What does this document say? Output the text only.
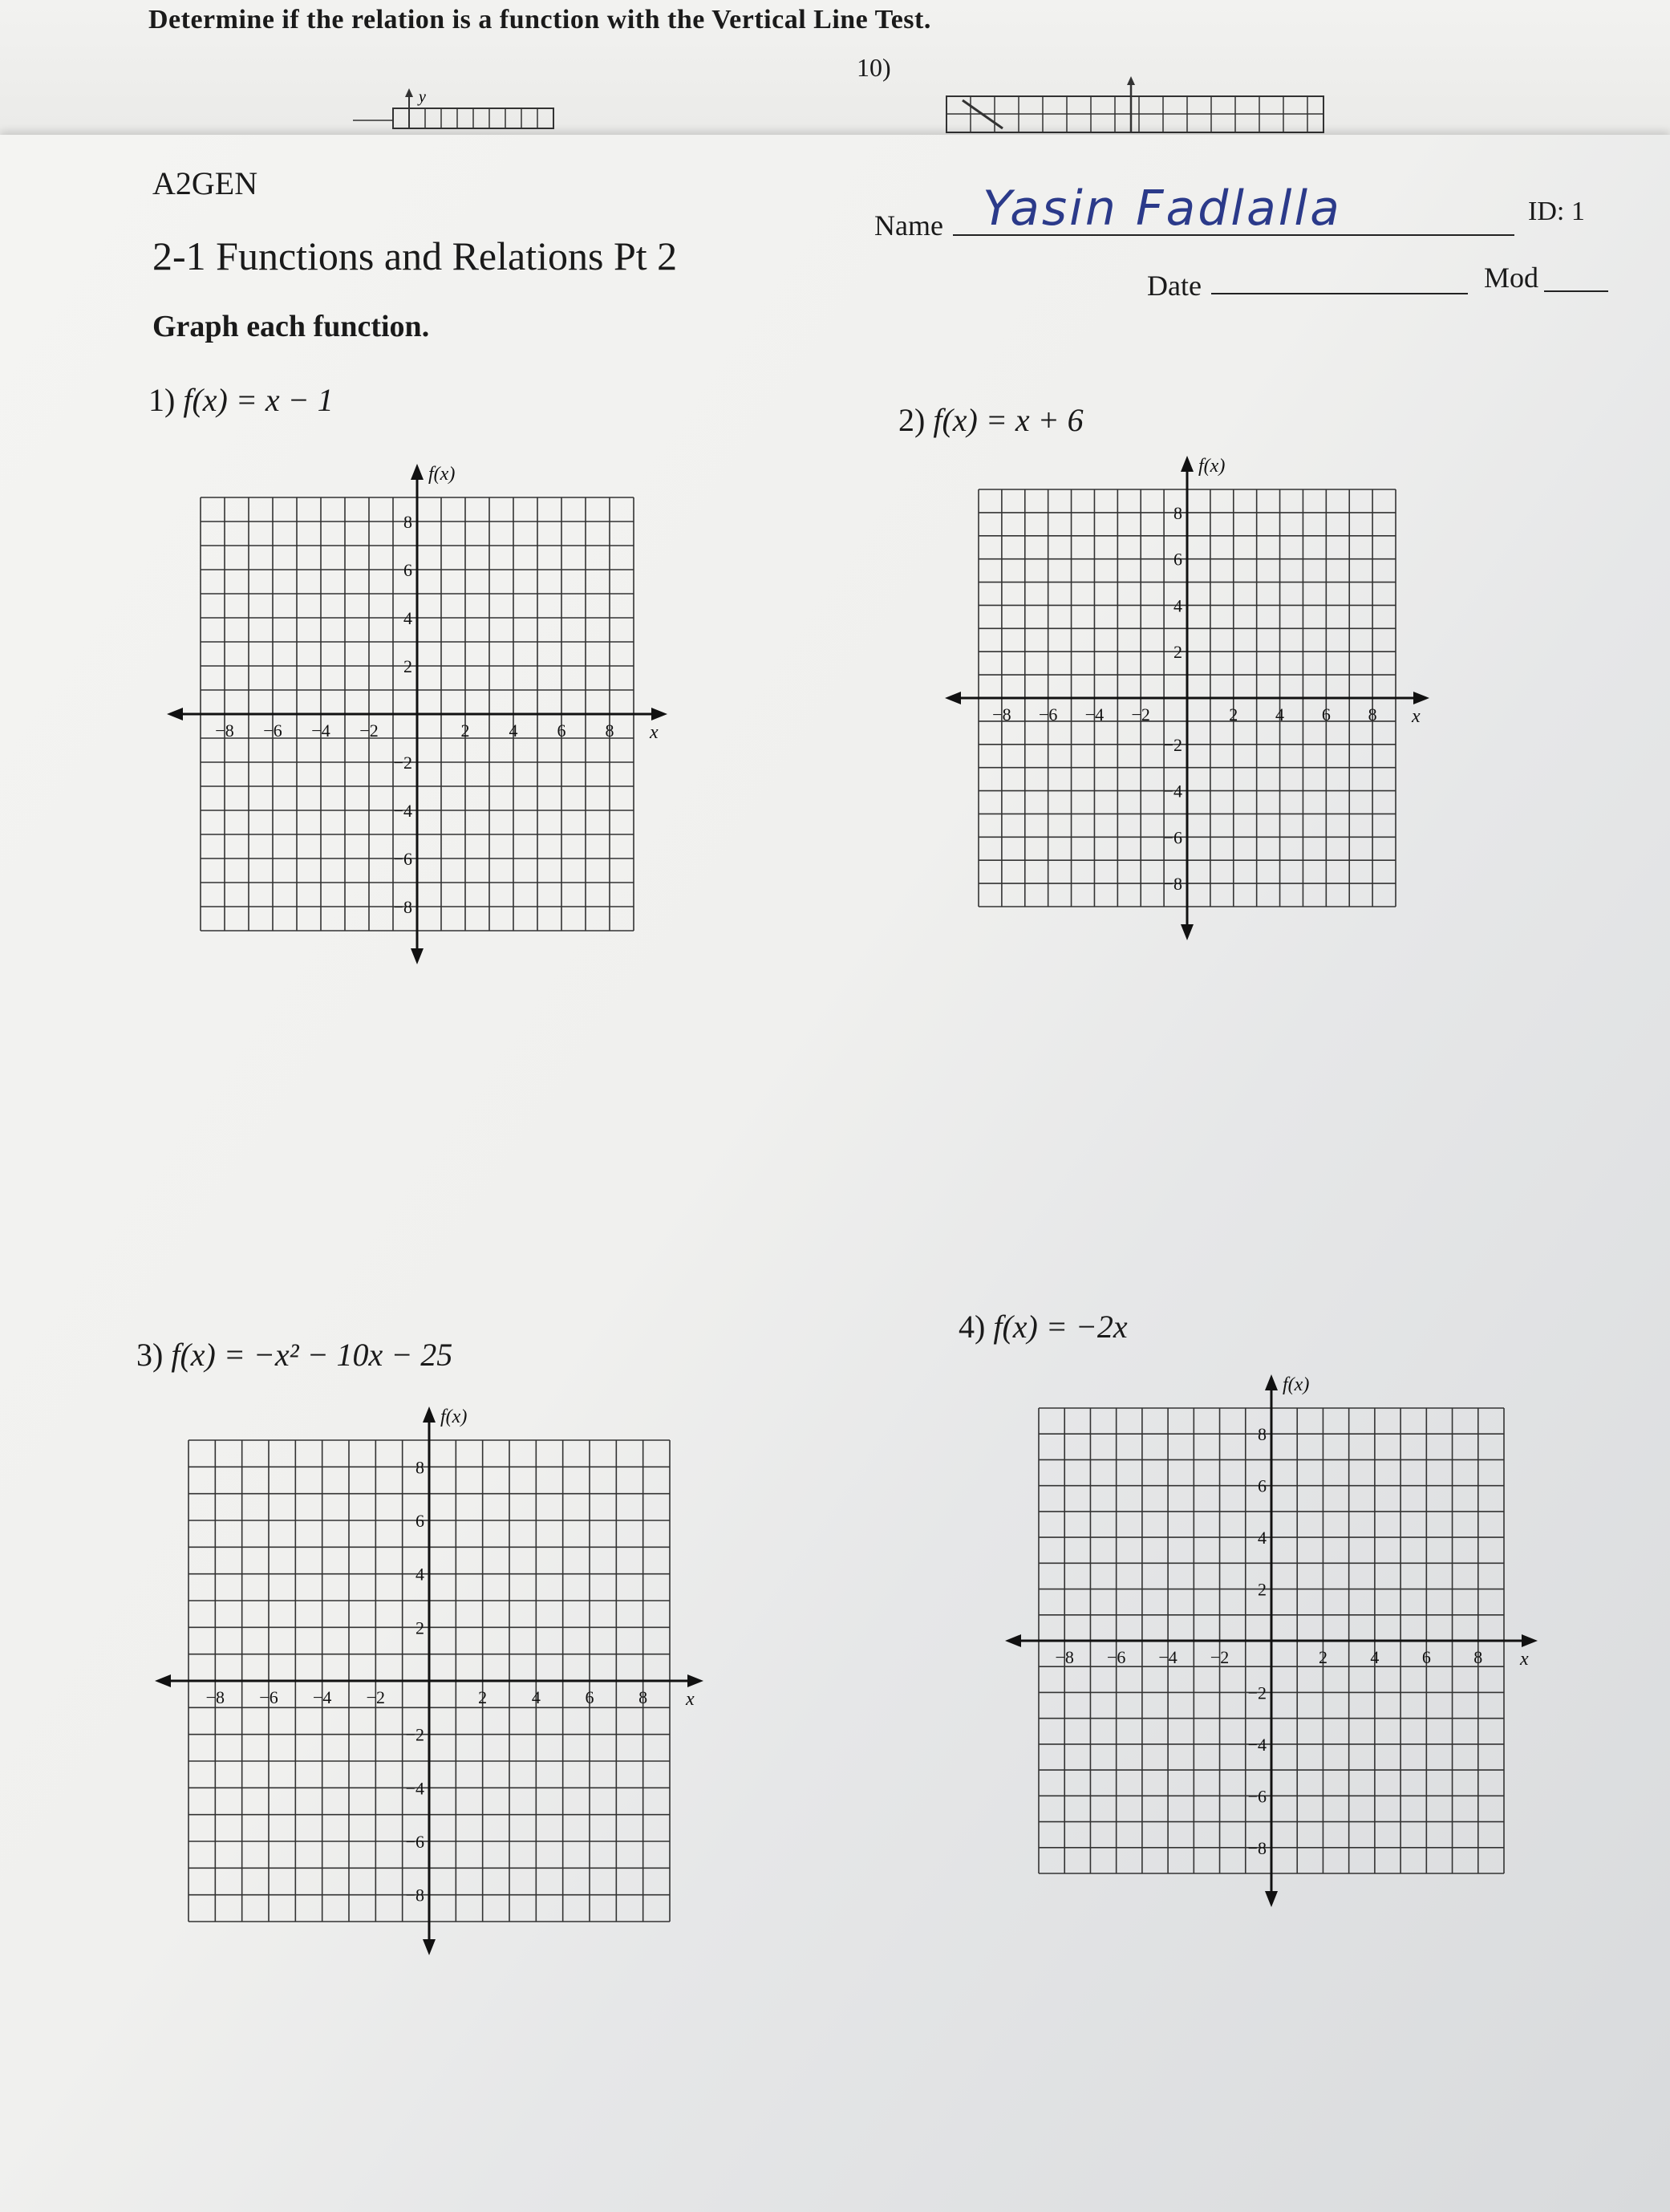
Determine if the relation is a function with the Vertical Line Test.
10)
y
A2GEN
2-1 Functions and Relations Pt 2
Graph each function.
Name Yasin Fadlalla	ID: 1
Date	Mod
1) f(x) = x − 1
2) f(x) = x + 6
3) f(x) = −x² − 10x − 25
4) f(x) = −2x
f(x)
x
−8 −6 −4 −2	2 4 6 8
8
6
4
2
−2
−4
−6
−8
f(x)
x
−8 −6 −4 −2	2 4 6 8
8
6
4
2
−2
−4
−6
−8
f(x)
x
−8 −6 −4 −2	2	4	6	8
8
6
4
2
−2
−4
−6
−8
f(x)
x
−8 −6 −4 −2	2 4 6 8
8
6
4
2
−2
−4
−6
−8
